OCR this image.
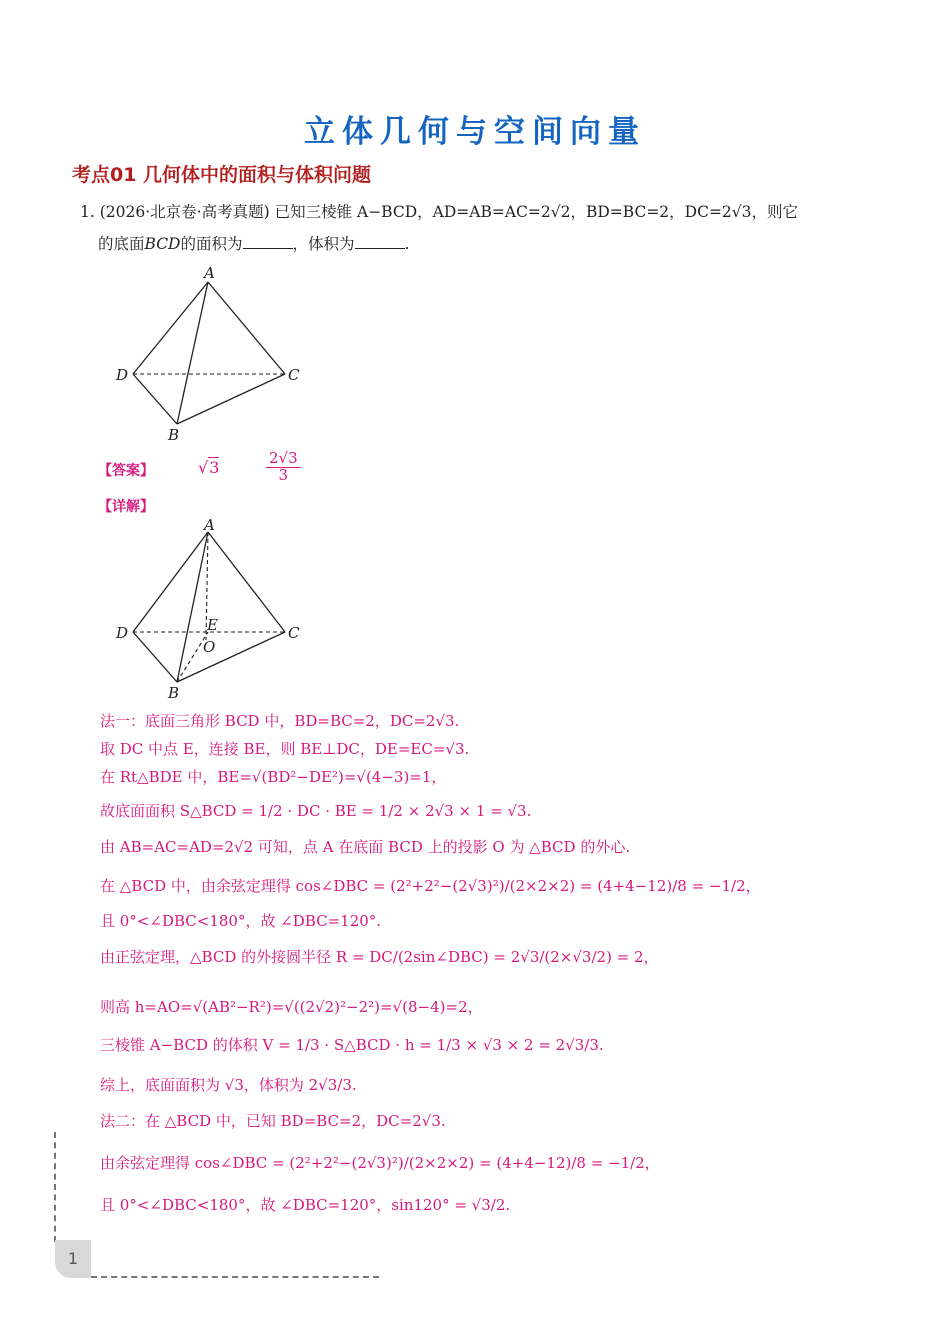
立体几何与空间向量
考点01 几何体中的面积与体积问题
1. (2026·北京卷·高考真题) 已知三棱锥 A−BCD，AD=AB=AC=2√2，BD=BC=2，DC=2√3，则它
的底面BCD的面积为	，体积为	.
A
D	C
B
【答案】	√3	$\frac{2√3}{3}$
【详解】
A
D	C
B
E
O
法一：底面三角形 BCD 中，BD=BC=2，DC=2√3.
取 DC 中点 E，连接 BE，则 BE⊥DC，DE=EC=√3.
在 Rt△BDE 中，BE=√(BD²−DE²)=√(4−3)=1，
故底面面积 S△BCD = 1/2 · DC · BE = 1/2 × 2√3 × 1 = √3.
由 AB=AC=AD=2√2 可知，点 A 在底面 BCD 上的投影 O 为 △BCD 的外心.
在 △BCD 中，由余弦定理得 cos∠DBC = (2²+2²−(2√3)²)/(2×2×2) = (4+4−12)/8 = −1/2，
且 0°<∠DBC<180°，故 ∠DBC=120°.
由正弦定理，△BCD 的外接圆半径 R = DC/(2sin∠DBC) = 2√3/(2×√3/2) = 2，
则高 h=AO=√(AB²−R²)=√((2√2)²−2²)=√(8−4)=2，
三棱锥 A−BCD 的体积 V = 1/3 · S△BCD · h = 1/3 × √3 × 2 = 2√3/3.
综上，底面面积为 √3，体积为 2√3/3.
法二：在 △BCD 中，已知 BD=BC=2，DC=2√3.
由余弦定理得 cos∠DBC = (2²+2²−(2√3)²)/(2×2×2) = (4+4−12)/8 = −1/2，
且 0°<∠DBC<180°，故 ∠DBC=120°，sin120° = √3/2.
1
